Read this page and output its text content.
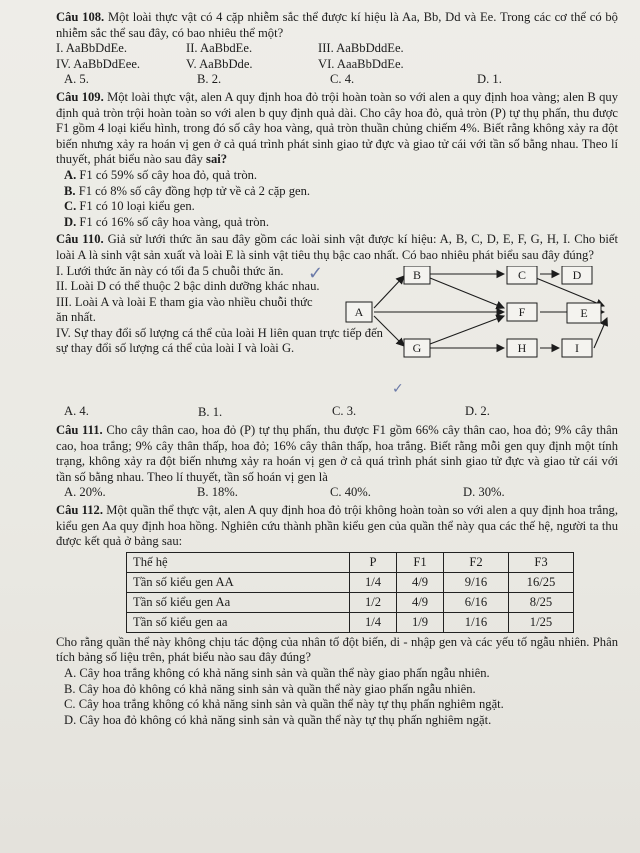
Câu 108. Một loài thực vật có 4 cặp nhiễm sắc thể được kí hiệu là Aa, Bb, Dd và Ee. Trong các cơ thể có bộ nhiễm sắc thể sau đây, có bao nhiêu thể một?

I. AaBbDdEe.	II. AaBbdEe.	III. AaBbDddEe.
IV. AaBbDdEee.	V. AaBbDde.	VI. AaaBbDdEe.
A. 5.	B. 2.	C. 4.	D. 1.

Câu 109. Một loài thực vật, alen A quy định hoa đỏ trội hoàn toàn so với alen a quy định hoa vàng; alen B quy định quả tròn trội hoàn toàn so với alen b quy định quả dài. Cho cây hoa đỏ, quả tròn (P) tự thụ phấn, thu được F1 gồm 4 loại kiểu hình, trong đó số cây hoa vàng, quả tròn thuần chủng chiếm 4%. Biết rằng không xảy ra đột biến nhưng xảy ra hoán vị gen ở cả quá trình phát sinh giao tử đực và giao tử cái với tần số bằng nhau. Theo lí thuyết, phát biểu nào sau đây sai?

A. F1 có 59% số cây hoa đỏ, quả tròn.

B. F1 có 8% số cây đồng hợp tử về cả 2 cặp gen.

C. F1 có 10 loại kiểu gen.

D. F1 có 16% số cây hoa vàng, quả tròn.

Câu 110. Giả sử lưới thức ăn sau đây gồm các loài sinh vật được kí hiệu: A, B, C, D, E, F, G, H, I. Cho biết loài A là sinh vật sản xuất và loài E là sinh vật tiêu thụ bậc cao nhất. Có bao nhiêu phát biểu sau đây đúng?

I. Lưới thức ăn này có tối đa 5 chuỗi thức ăn.

II. Loài D có thể thuộc 2 bậc dinh dưỡng khác nhau.

III. Loài A và loài E tham gia vào nhiều chuỗi thức ăn nhất.

IV. Sự thay đổi số lượng cá thể của loài H liên quan trực tiếp đến sự thay đổi số lượng cá thể của loài I và loài G.

A
B	C	D
F
G	H	I
E
✓
✓
A. 4.	B. 1.	C. 3.	D. 2.

Câu 111. Cho cây thân cao, hoa đỏ (P) tự thụ phấn, thu được F1 gồm 66% cây thân cao, hoa đỏ; 9% cây thân cao, hoa trắng; 9% cây thân thấp, hoa đỏ; 16% cây thân thấp, hoa trắng. Biết rằng mỗi gen quy định một tính trạng, không xảy ra đột biến nhưng xảy ra hoán vị gen ở cả quá trình phát sinh giao tử đực và giao tử cái với tần số bằng nhau. Theo lí thuyết, tần số hoán vị gen là

A. 20%.	B. 18%.	C. 40%.	D. 30%.

Câu 112. Một quần thể thực vật, alen A quy định hoa đỏ trội không hoàn toàn so với alen a quy định hoa trắng, kiểu gen Aa quy định hoa hồng. Nghiên cứu thành phần kiểu gen của quần thể này qua các thế hệ, người ta thu được kết quả ở bảng sau:

Thế hệ	P	F1	F2	F3
Tần số kiểu gen AA	1/4	4/9	9/16	16/25
Tần số kiểu gen Aa	1/2	4/9	6/16	8/25
Tần số kiểu gen aa	1/4	1/9	1/16	1/25

Cho rằng quần thể này không chịu tác động của nhân tố đột biến, di - nhập gen và các yếu tố ngẫu nhiên. Phân tích bảng số liệu trên, phát biểu nào sau đây đúng?

A. Cây hoa trắng không có khả năng sinh sản và quần thể này giao phấn ngẫu nhiên.

B. Cây hoa đỏ không có khả năng sinh sản và quần thể này giao phấn ngẫu nhiên.

C. Cây hoa trắng không có khả năng sinh sản và quần thể này tự thụ phấn nghiêm ngặt.

D. Cây hoa đỏ không có khả năng sinh sản và quần thể này tự thụ phấn nghiêm ngặt.
